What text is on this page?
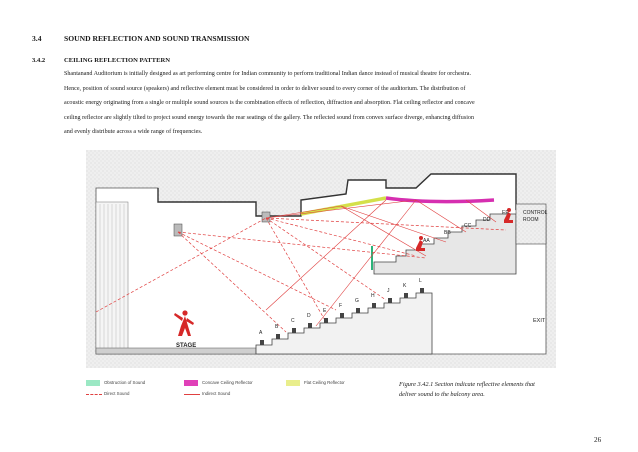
3.4	SOUND REFLECTION AND SOUND TRANSMISSION
3.4.2	CEILING REFLECTION PATTERN
Shantanand Auditorium is initially designed as art performing centre for Indian community to perform traditional Indian dance instead of musical theatre for orchestra.
Hence, position of sound source (speakers) and reflective element must be considered in order to deliver sound to every corner of the auditorium. The distribution of
acoustic energy originating from a single or multiple sound sources is the combination effects of reflection, diffraction and absorption. Flat ceiling reflector and concave
ceiling reflector are slightly tilted to project sound energy towards the rear seatings of the gallery. The reflected sound from convex surface diverge, enhancing diffusion
and evenly distribute across a wide range of frequencies.
A
B
C
D
E
F
G
H
J
K
L
AA
BB
CC
DD
EE
STAGE
CONTROL
ROOM
EXIT
Obstruction of Sound	Concave Ceiling Reflector	Flat Ceiling Reflector
Direct Sound	Indirect Sound
Figure 3.42.1 Section indicate reflective elements that deliver sound to the balcony area.
26
